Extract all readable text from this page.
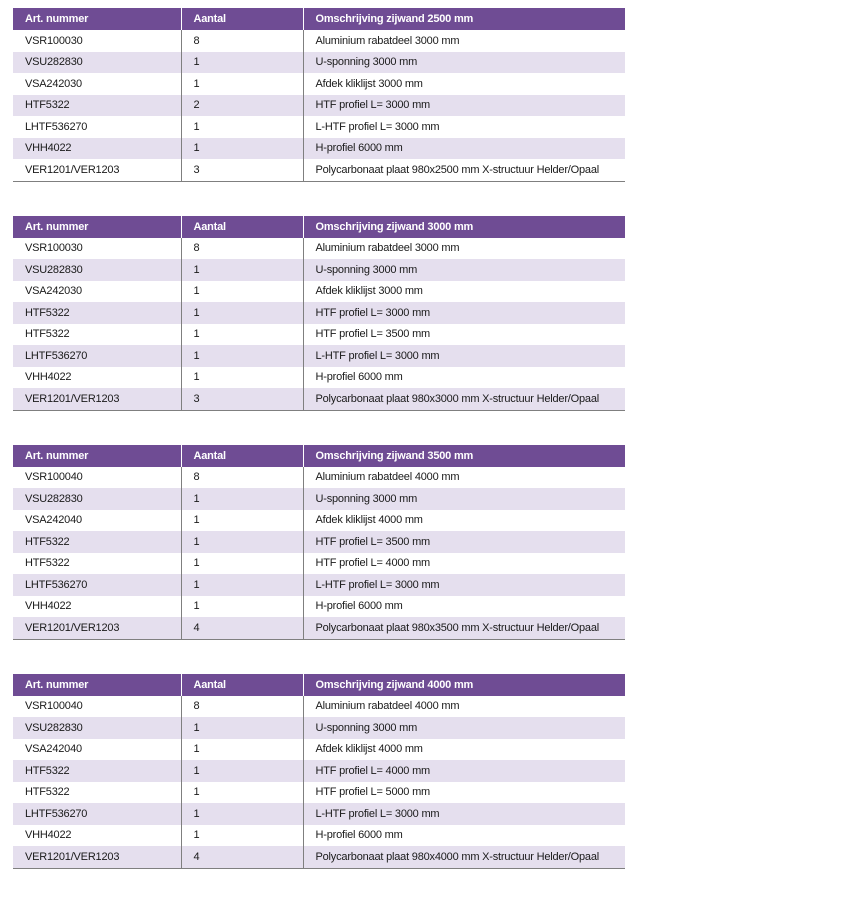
Art. nummer	Aantal	Omschrijving zijwand 2500 mm
VSR100030	8	Aluminium rabatdeel 3000 mm
VSU282830	1	U-sponning 3000 mm
VSA242030	1	Afdek kliklijst 3000 mm
HTF5322	2	HTF profiel L= 3000 mm
LHTF536270	1	L-HTF profiel L= 3000 mm
VHH4022	1	H-profiel 6000 mm
VER1201/VER1203	3	Polycarbonaat plaat 980x2500 mm X-structuur Helder/Opaal
Art. nummer	Aantal	Omschrijving zijwand 3000 mm
VSR100030	8	Aluminium rabatdeel 3000 mm
VSU282830	1	U-sponning 3000 mm
VSA242030	1	Afdek kliklijst 3000 mm
HTF5322	1	HTF profiel L= 3000 mm
HTF5322	1	HTF profiel L= 3500 mm
LHTF536270	1	L-HTF profiel L= 3000 mm
VHH4022	1	H-profiel 6000 mm
VER1201/VER1203	3	Polycarbonaat plaat 980x3000 mm X-structuur Helder/Opaal
Art. nummer	Aantal	Omschrijving zijwand 3500 mm
VSR100040	8	Aluminium rabatdeel 4000 mm
VSU282830	1	U-sponning 3000 mm
VSA242040	1	Afdek kliklijst 4000 mm
HTF5322	1	HTF profiel L= 3500 mm
HTF5322	1	HTF profiel L= 4000 mm
LHTF536270	1	L-HTF profiel L= 3000 mm
VHH4022	1	H-profiel 6000 mm
VER1201/VER1203	4	Polycarbonaat plaat 980x3500 mm X-structuur Helder/Opaal
Art. nummer	Aantal	Omschrijving zijwand 4000 mm
VSR100040	8	Aluminium rabatdeel 4000 mm
VSU282830	1	U-sponning 3000 mm
VSA242040	1	Afdek kliklijst 4000 mm
HTF5322	1	HTF profiel L= 4000 mm
HTF5322	1	HTF profiel L= 5000 mm
LHTF536270	1	L-HTF profiel L= 3000 mm
VHH4022	1	H-profiel 6000 mm
VER1201/VER1203	4	Polycarbonaat plaat 980x4000 mm X-structuur Helder/Opaal
